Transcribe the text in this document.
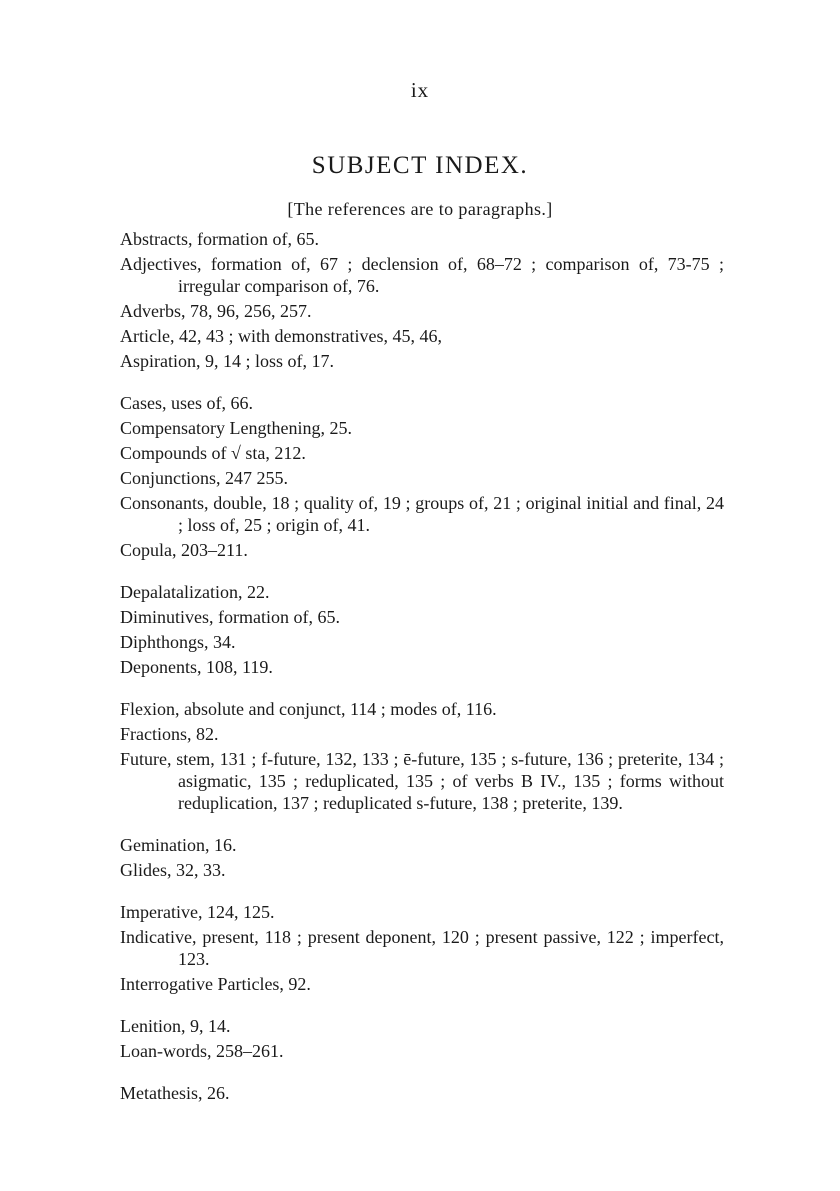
ix
SUBJECT INDEX.
[The references are to paragraphs.]
Abstracts, formation of, 65.
Adjectives, formation of, 67 ; declension of, 68–72 ; comparison of, 73-75 ; irregular comparison of, 76.
Adverbs, 78, 96, 256, 257.
Article, 42, 43 ; with demonstratives, 45, 46,
Aspiration, 9, 14 ; loss of, 17.
Cases, uses of, 66.
Compensatory Lengthening, 25.
Compounds of √ sta, 212.
Conjunctions, 247 255.
Consonants, double, 18 ; quality of, 19 ; groups of, 21 ; original initial and final, 24 ; loss of, 25 ; origin of, 41.
Copula, 203–211.
Depalatalization, 22.
Diminutives, formation of, 65.
Diphthongs, 34.
Deponents, 108, 119.
Flexion, absolute and conjunct, 114 ; modes of, 116.
Fractions, 82.
Future, stem, 131 ; f-future, 132, 133 ; ē-future, 135 ; s-future, 136 ; preterite, 134 ; asigmatic, 135 ; reduplicated, 135 ; of verbs B IV., 135 ; forms without reduplication, 137 ; reduplicated s-future, 138 ; preterite, 139.
Gemination, 16.
Glides, 32, 33.
Imperative, 124, 125.
Indicative, present, 118 ; present deponent, 120 ; present passive, 122 ; imperfect, 123.
Interrogative Particles, 92.
Lenition, 9, 14.
Loan-words, 258–261.
Metathesis, 26.
